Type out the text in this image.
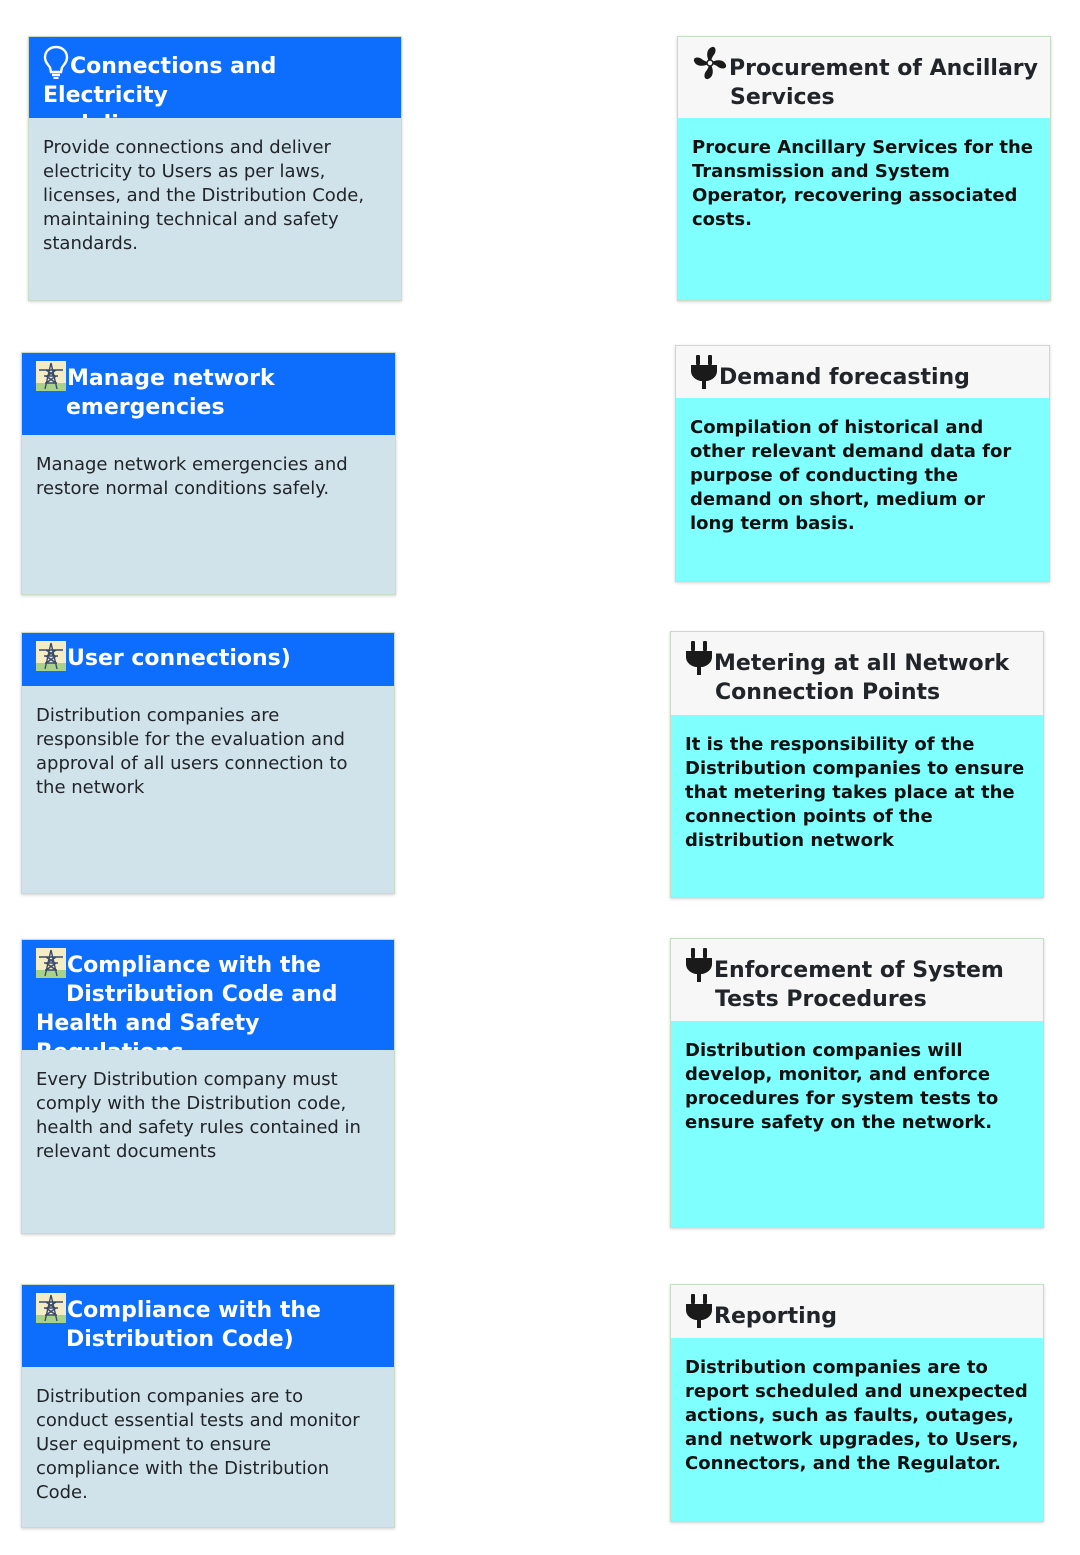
Connections and Electricity
Provide connections and deliver electricity to Users as per laws, licenses, and the Distribution Code, maintaining technical and safety standards.
Manage network
emergencies
Manage network emergencies and restore normal conditions safely.
User connections)
Distribution companies are responsible for the evaluation and approval of all users connection to the network
Compliance with the
Distribution Code and
Health and Safety
Every Distribution company must comply with the Distribution code, health and safety rules contained in relevant documents
Compliance with the
Distribution Code)
Distribution companies are to conduct essential tests and monitor User equipment to ensure compliance with the Distribution Code.
Procurement of Ancillary
Services
Procure Ancillary Services for the Transmission and System Operator, recovering associated costs.
Demand forecasting
Compilation of historical and other relevant demand data for purpose of conducting the demand on short, medium or long term basis.
Metering at all Network
Connection Points
It is the responsibility of the Distribution companies to ensure that metering takes place at the connection points of the distribution network
Enforcement of System
Tests Procedures
Distribution companies will develop, monitor, and enforce procedures for system tests to ensure safety on the network.
Reporting
Distribution companies are to report scheduled and unexpected actions, such as faults, outages, and network upgrades, to Users, Connectors, and the Regulator.
